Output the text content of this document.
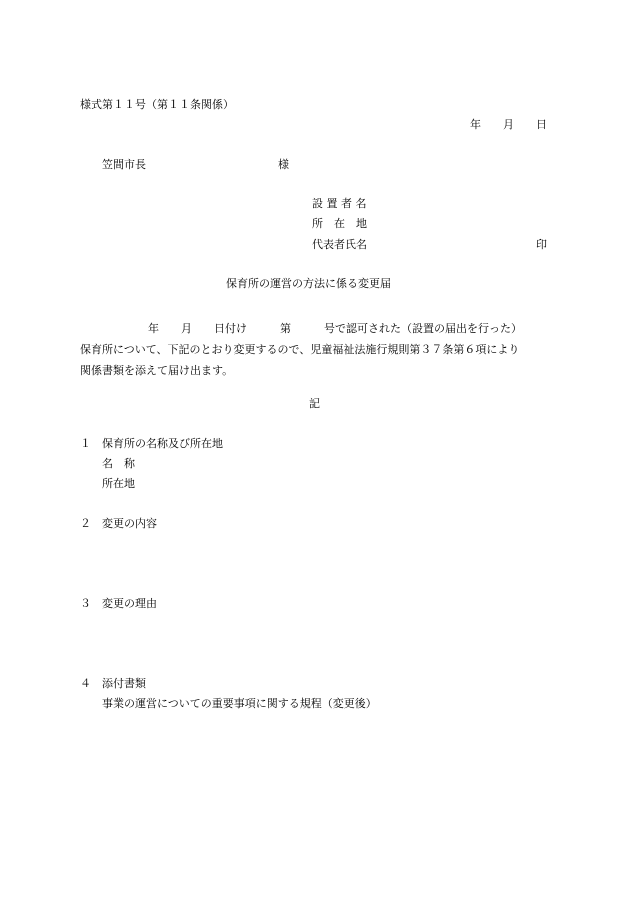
様式第１１号（第１１条関係）
年　　月　　日
笠間市長	様
設 置 者 名
所　在　地
代表者氏名	印
保育所の運営の方法に係る変更届
年　　月　　日付け　　　第　　　号で認可された（設置の届出を行った）
保育所について、下記のとおり変更するので、児童福祉法施行規則第３７条第６項により
関係書類を添えて届け出ます。
記
１ 保育所の名称及び所在地
名　称
所在地
２ 変更の内容
３ 変更の理由
４ 添付書類
事業の運営についての重要事項に関する規程（変更後）
